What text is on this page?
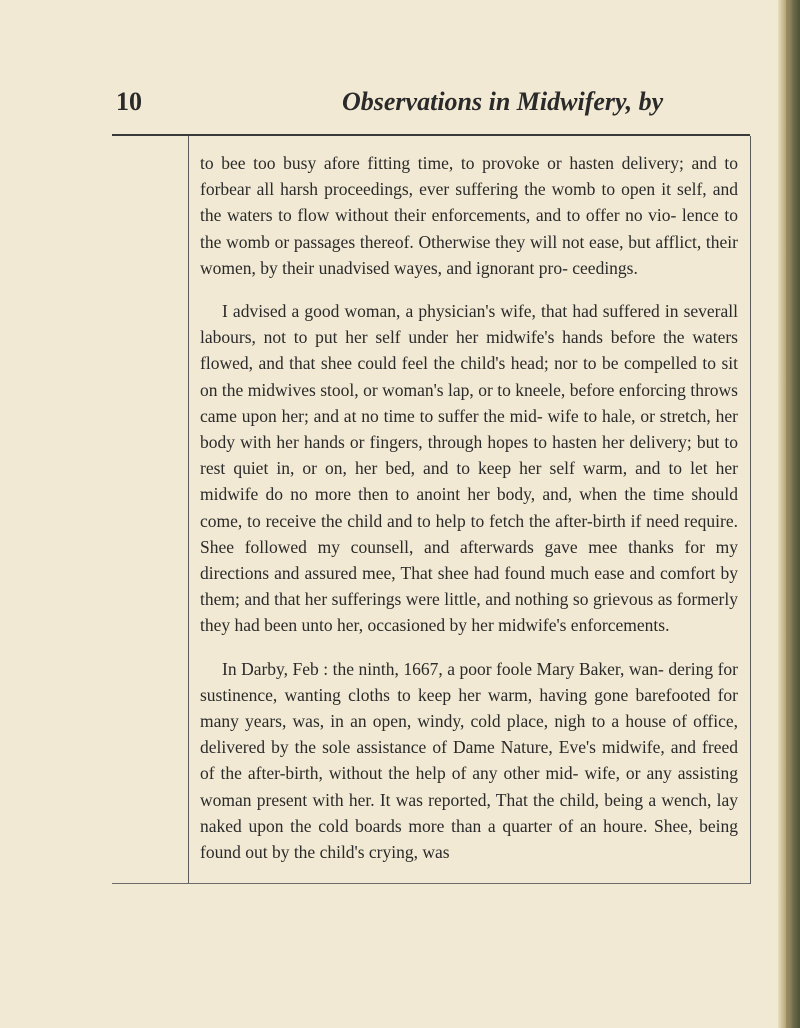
10	Observations in Midwifery, by

to bee too busy afore fitting time, to provoke or hasten delivery; and to forbear all harsh proceedings, ever suffering the womb to open it self, and the waters to flow without their enforcements, and to offer no vio- lence to the womb or passages thereof. Otherwise they will not ease, but afflict, their women, by their unadvised wayes, and ignorant pro- ceedings.

I advised a good woman, a physician's wife, that had suffered in severall labours, not to put her self under her midwife's hands before the waters flowed, and that shee could feel the child's head; nor to be compelled to sit on the midwives stool, or woman's lap, or to kneele, before enforcing throws came upon her; and at no time to suffer the mid- wife to hale, or stretch, her body with her hands or fingers, through hopes to hasten her delivery; but to rest quiet in, or on, her bed, and to keep her self warm, and to let her midwife do no more then to anoint her body, and, when the time should come, to receive the child and to help to fetch the after-birth if need require. Shee followed my counsell, and afterwards gave mee thanks for my directions and assured mee, That shee had found much ease and comfort by them; and that her sufferings were little, and nothing so grievous as formerly they had been unto her, occasioned by her midwife's enforcements.

In Darby, Feb : the ninth, 1667, a poor foole Mary Baker, wan- dering for sustinence, wanting cloths to keep her warm, having gone barefooted for many years, was, in an open, windy, cold place, nigh to a house of office, delivered by the sole assistance of Dame Nature, Eve's midwife, and freed of the after-birth, without the help of any other mid- wife, or any assisting woman present with her. It was reported, That the child, being a wench, lay naked upon the cold boards more than a quarter of an houre. Shee, being found out by the child's crying, was
